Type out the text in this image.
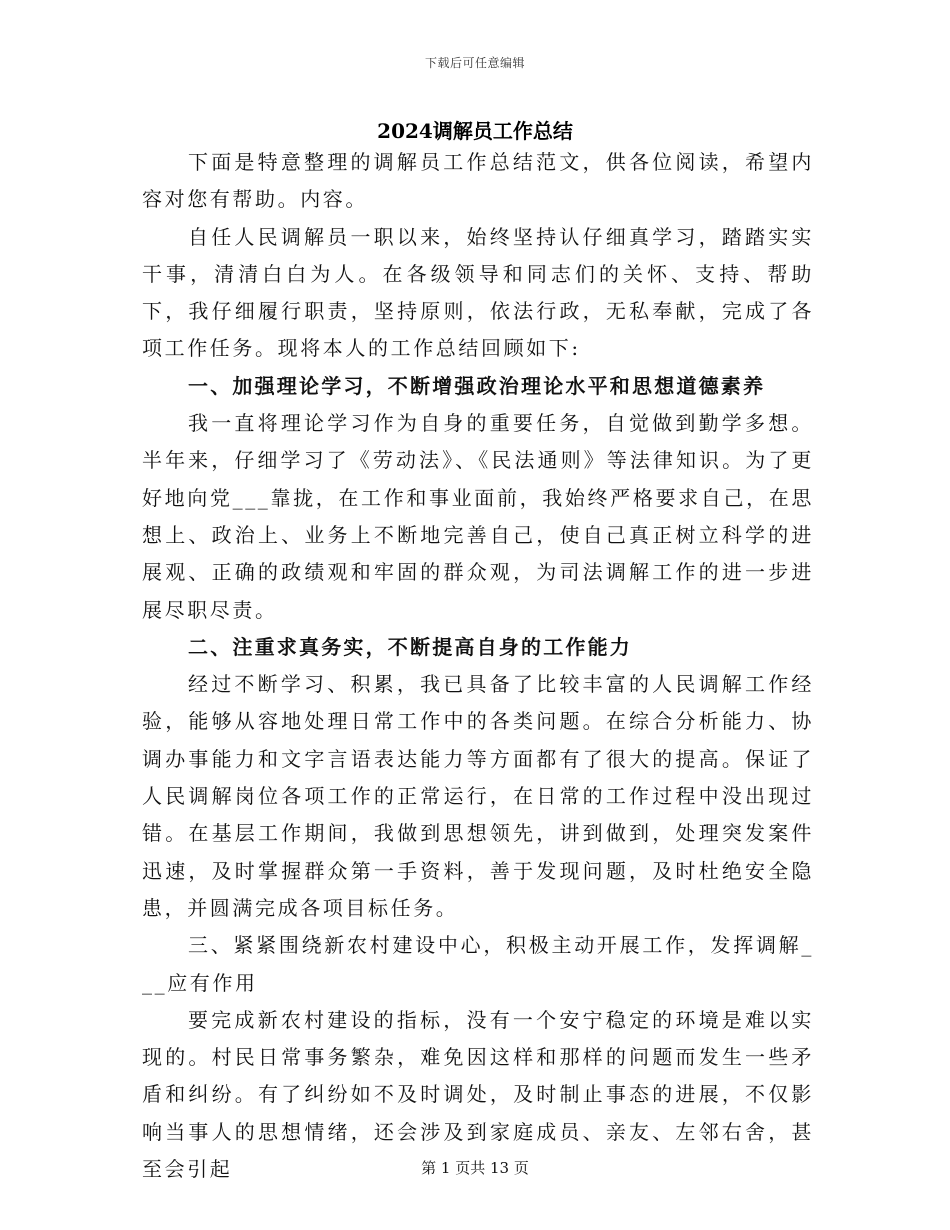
下载后可任意编辑
2024调解员工作总结

下面是特意整理的调解员工作总结范文，供各位阅读，希望内容对您有帮助。内容。

自任人民调解员一职以来，始终坚持认仔细真学习，踏踏实实干事，清清白白为人。在各级领导和同志们的关怀、支持、帮助下，我仔细履行职责，坚持原则，依法行政，无私奉献，完成了各项工作任务。现将本人的工作总结回顾如下:

一、加强理论学习，不断增强政治理论水平和思想道德素养

我一直将理论学习作为自身的重要任务，自觉做到勤学多想。半年来，仔细学习了《劳动法》、《民法通则》等法律知识。为了更好地向党___靠拢，在工作和事业面前，我始终严格要求自己，在思想上、政治上、业务上不断地完善自己，使自己真正树立科学的进展观、正确的政绩观和牢固的群众观，为司法调解工作的进一步进展尽职尽责。

二、注重求真务实，不断提高自身的工作能力

经过不断学习、积累，我已具备了比较丰富的人民调解工作经验，能够从容地处理日常工作中的各类问题。在综合分析能力、协调办事能力和文字言语表达能力等方面都有了很大的提高。保证了人民调解岗位各项工作的正常运行，在日常的工作过程中没出现过错。在基层工作期间，我做到思想领先，讲到做到，处理突发案件迅速，及时掌握群众第一手资料，善于发现问题，及时杜绝安全隐患，并圆满完成各项目标任务。

三、紧紧围绕新农村建设中心，积极主动开展工作，发挥调解___应有作用

要完成新农村建设的指标，没有一个安宁稳定的环境是难以实现的。村民日常事务繁杂，难免因这样和那样的问题而发生一些矛盾和纠纷。有了纠纷如不及时调处，及时制止事态的进展，不仅影响当事人的思想情绪，还会涉及到家庭成员、亲友、左邻右舍，甚至会引起	第 1 页共 13 页
